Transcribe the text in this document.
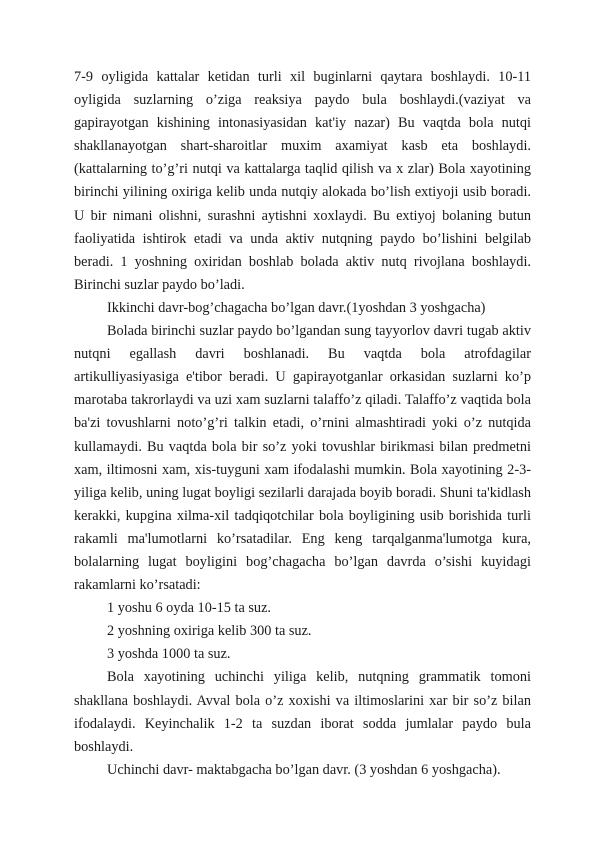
7-9 oyligida kattalar ketidan turli xil buginlarni qaytara boshlaydi. 10-11 oyligida suzlarning o’ziga reaksiya paydo bula boshlaydi.(vaziyat va gapirayotgan kishining intonasiyasidan kat'iy nazar) Bu vaqtda bola nutqi shakllanayotgan shart-sharoitlar muxim axamiyat kasb eta boshlaydi.(kattalarning to’g’ri nutqi va kattalarga taqlid qilish va x zlar) Bola xayotining birinchi yilining oxiriga kelib unda nutqiy alokada bo’lish extiyoji usib boradi. U bir nimani olishni, surashni aytishni xoxlaydi. Bu extiyoj bolaning butun faoliyatida ishtirok etadi va unda aktiv nutqning paydo bo’lishini belgilab beradi. 1 yoshning oxiridan boshlab bolada aktiv nutq rivojlana boshlaydi. Birinchi suzlar paydo bo’ladi.

Ikkinchi davr-bog’chagacha bo’lgan davr.(1yoshdan 3 yoshgacha)

Bolada birinchi suzlar paydo bo’lgandan sung tayyorlov davri tugab aktiv nutqni egallash davri boshlanadi. Bu vaqtda bola atrofdagilar artikulliyasiyasiga e'tibor beradi. U gapirayotganlar orkasidan suzlarni ko’p marotaba takrorlaydi va uzi xam suzlarni talaffo’z qiladi. Talaffo’z vaqtida bola ba'zi tovushlarni noto’g’ri talkin etadi, o’rnini almashtiradi yoki o’z nutqida kullamaydi. Bu vaqtda bola bir so’z yoki tovushlar birikmasi bilan predmetni xam, iltimosni xam, xis-tuyguni xam ifodalashi mumkin. Bola xayotining 2-3-yiliga kelib, uning lugat boyligi sezilarli darajada boyib boradi. Shuni ta'kidlash kerakki, kupgina xilma-xil tadqiqotchilar bola boyligining usib borishida turli rakamli ma'lumotlarni ko’rsatadilar. Eng keng tarqalganma'lumotga kura, bolalarning lugat boyligini bog’chagacha bo’lgan davrda o’sishi kuyidagi rakamlarni ko’rsatadi:

1 yoshu 6 oyda 10-15 ta suz.

2 yoshning oxiriga kelib 300 ta suz.

3 yoshda 1000 ta suz.

Bola xayotining uchinchi yiliga kelib, nutqning grammatik tomoni shakllana boshlaydi. Avval bola o’z xoxishi va iltimoslarini xar bir so’z bilan ifodalaydi. Keyinchalik 1-2 ta suzdan iborat sodda jumlalar paydo bula boshlaydi.

Uchinchi davr- maktabgacha bo’lgan davr. (3 yoshdan 6 yoshgacha).
